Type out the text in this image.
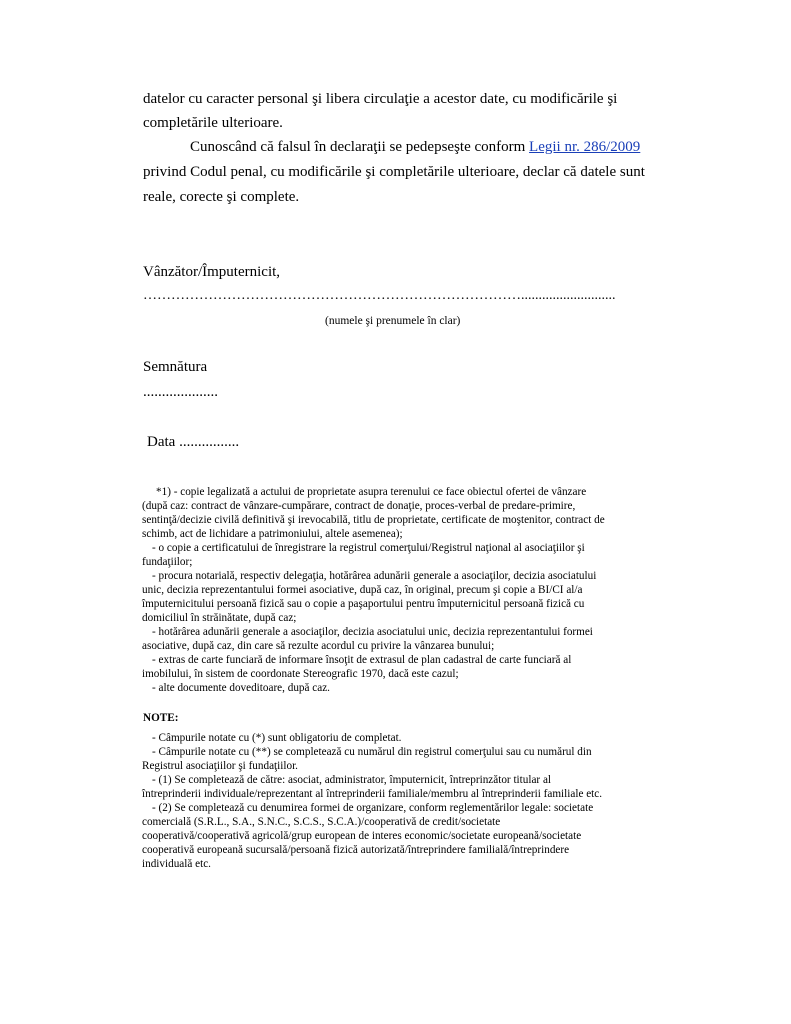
datelor cu caracter personal şi libera circulaţie a acestor date, cu modificările şi
completările ulterioare.
Cunoscând că falsul în declaraţii se pedepseşte conform Legii nr. 286/2009
privind Codul penal, cu modificările şi completările ulterioare, declar că datele sunt
reale, corecte şi complete.
Vânzător/Împuternicit,
………………………………………………………………………...........................
(numele şi prenumele în clar)
Semnătura
....................
Data ................
*1) - copie legalizată a actului de proprietate asupra terenului ce face obiectul ofertei de vânzare
(după caz: contract de vânzare-cumpărare, contract de donaţie, proces-verbal de predare-primire,
sentinţă/decizie civilă definitivă şi irevocabilă, titlu de proprietate, certificate de moştenitor, contract de
schimb, act de lichidare a patrimoniului, altele asemenea);
- o copie a certificatului de înregistrare la registrul comerţului/Registrul naţional al asociaţiilor şi
fundaţiilor;
- procura notarială, respectiv delegaţia, hotărârea adunării generale a asociaţilor, decizia asociatului
unic, decizia reprezentantului formei asociative, după caz, în original, precum şi copie a BI/CI al/a
împuternicitului persoană fizică sau o copie a paşaportului pentru împuternicitul persoană fizică cu
domiciliul în străinătate, după caz;
- hotărârea adunării generale a asociaţilor, decizia asociatului unic, decizia reprezentantului formei
asociative, după caz, din care să rezulte acordul cu privire la vânzarea bunului;
- extras de carte funciară de informare însoţit de extrasul de plan cadastral de carte funciară al
imobilului, în sistem de coordonate Stereografic 1970, dacă este cazul;
- alte documente doveditoare, după caz.
NOTE:
- Câmpurile notate cu (*) sunt obligatoriu de completat.
- Câmpurile notate cu (**) se completează cu numărul din registrul comerţului sau cu numărul din
Registrul asociaţiilor şi fundaţiilor.
- (1) Se completează de către: asociat, administrator, împuternicit, întreprinzător titular al
întreprinderii individuale/reprezentant al întreprinderii familiale/membru al întreprinderii familiale etc.
- (2) Se completează cu denumirea formei de organizare, conform reglementărilor legale: societate
comercială (S.R.L., S.A., S.N.C., S.C.S., S.C.A.)/cooperativă de credit/societate
cooperativă/cooperativă agricolă/grup european de interes economic/societate europeană/societate
cooperativă europeană sucursală/persoană fizică autorizată/întreprindere familială/întreprindere
individuală etc.
